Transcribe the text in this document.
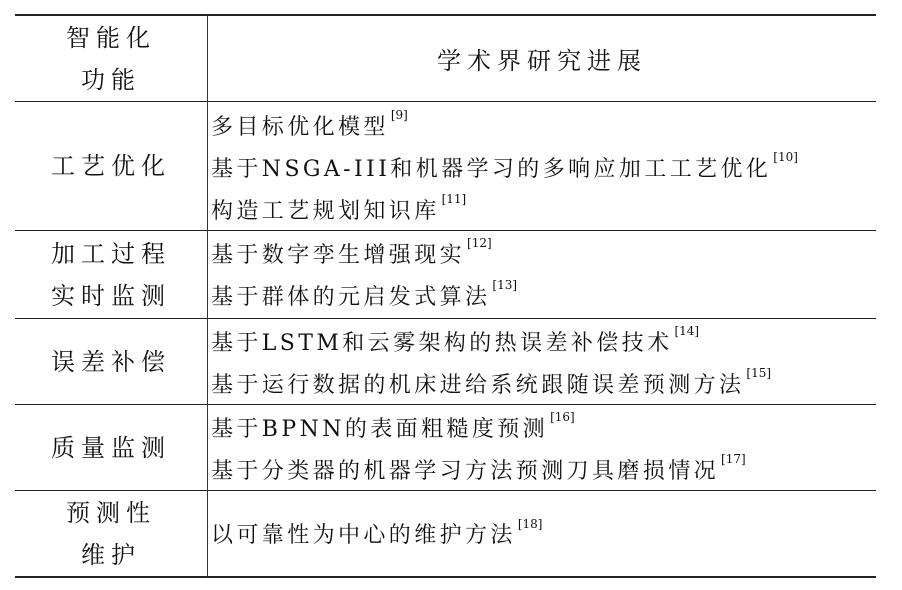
智能化
功能
学术界研究进展
工艺优化
多目标优化模型 [9]
基于NSGA-III和机器学习的多响应加工工艺优化 [10]
构造工艺规划知识库 [11]
加工过程
实时监测
基于数字孪生增强现实 [12]
基于群体的元启发式算法 [13]
误差补偿
基于LSTM和云雾架构的热误差补偿技术 [14]
基于运行数据的机床进给系统跟随误差预测方法 [15]
质量监测
基于BPNN的表面粗糙度预测 [16]
基于分类器的机器学习方法预测刀具磨损情况 [17]
预测性
维护
以可靠性为中心的维护方法 [18]
